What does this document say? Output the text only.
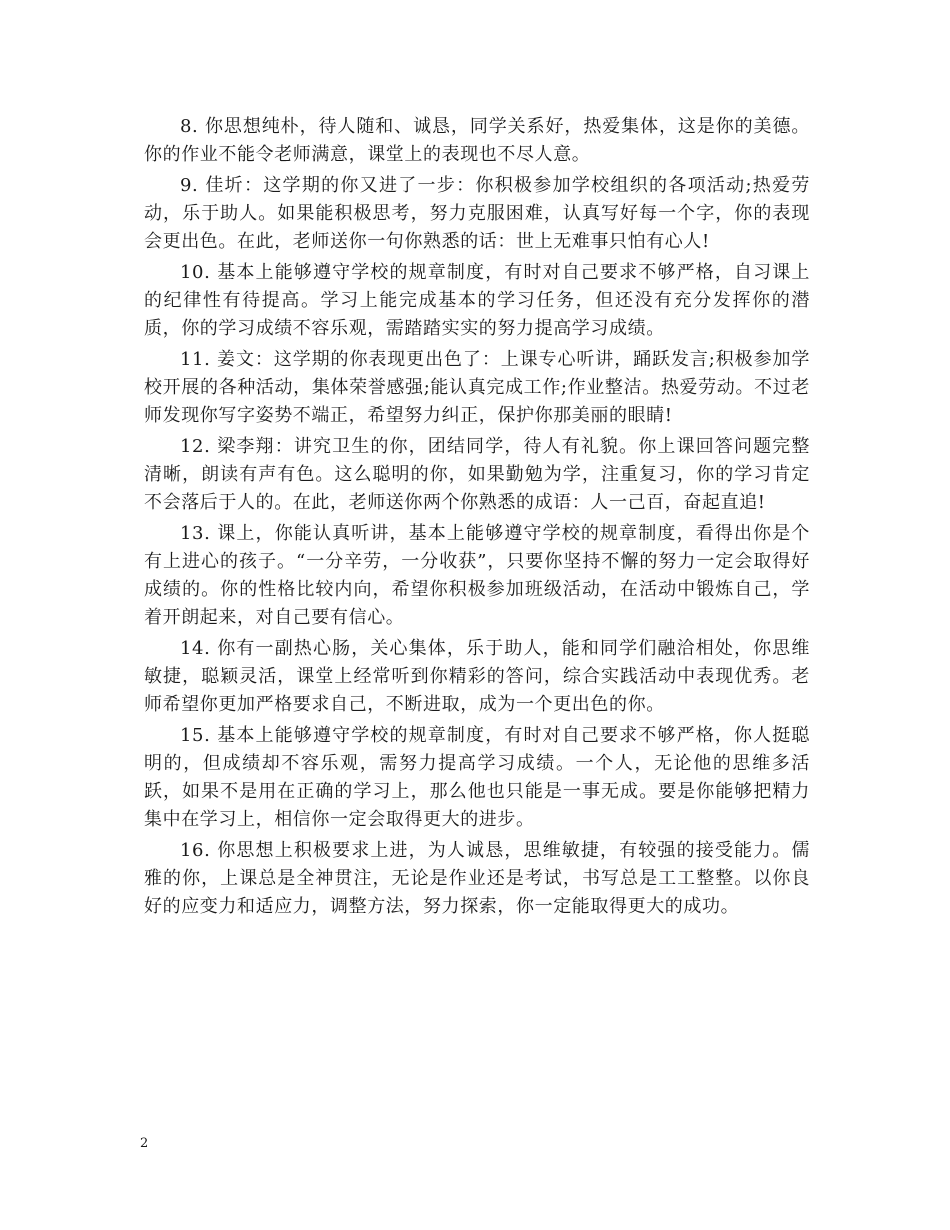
8. 你思想纯朴，待人随和、诚恳，同学关系好，热爱集体，这是你的美德。你的作业不能令老师满意，课堂上的表现也不尽人意。

9. 佳圻：这学期的你又进了一步：你积极参加学校组织的各项活动;热爱劳动，乐于助人。如果能积极思考，努力克服困难，认真写好每一个字，你的表现会更出色。在此，老师送你一句你熟悉的话：世上无难事只怕有心人!

10. 基本上能够遵守学校的规章制度，有时对自己要求不够严格，自习课上的纪律性有待提高。学习上能完成基本的学习任务，但还没有充分发挥你的潜质，你的学习成绩不容乐观，需踏踏实实的努力提高学习成绩。

11. 姜文：这学期的你表现更出色了：上课专心听讲，踊跃发言;积极参加学校开展的各种活动，集体荣誉感强;能认真完成工作;作业整洁。热爱劳动。不过老师发现你写字姿势不端正，希望努力纠正，保护你那美丽的眼睛!

12. 梁李翔：讲究卫生的你，团结同学，待人有礼貌。你上课回答问题完整清晰，朗读有声有色。这么聪明的你，如果勤勉为学，注重复习，你的学习肯定不会落后于人的。在此，老师送你两个你熟悉的成语：人一己百，奋起直追!

13. 课上，你能认真听讲，基本上能够遵守学校的规章制度，看得出你是个有上进心的孩子。“一分辛劳，一分收获”，只要你坚持不懈的努力一定会取得好成绩的。你的性格比较内向，希望你积极参加班级活动，在活动中锻炼自己，学着开朗起来，对自己要有信心。

14. 你有一副热心肠，关心集体，乐于助人，能和同学们融洽相处，你思维敏捷，聪颖灵活，课堂上经常听到你精彩的答问，综合实践活动中表现优秀。老师希望你更加严格要求自己，不断进取，成为一个更出色的你。

15. 基本上能够遵守学校的规章制度，有时对自己要求不够严格，你人挺聪明的，但成绩却不容乐观，需努力提高学习成绩。一个人，无论他的思维多活跃，如果不是用在正确的学习上，那么他也只能是一事无成。要是你能够把精力集中在学习上，相信你一定会取得更大的进步。

16. 你思想上积极要求上进，为人诚恳，思维敏捷，有较强的接受能力。儒雅的你，上课总是全神贯注，无论是作业还是考试，书写总是工工整整。以你良好的应变力和适应力，调整方法，努力探索，你一定能取得更大的成功。

2
